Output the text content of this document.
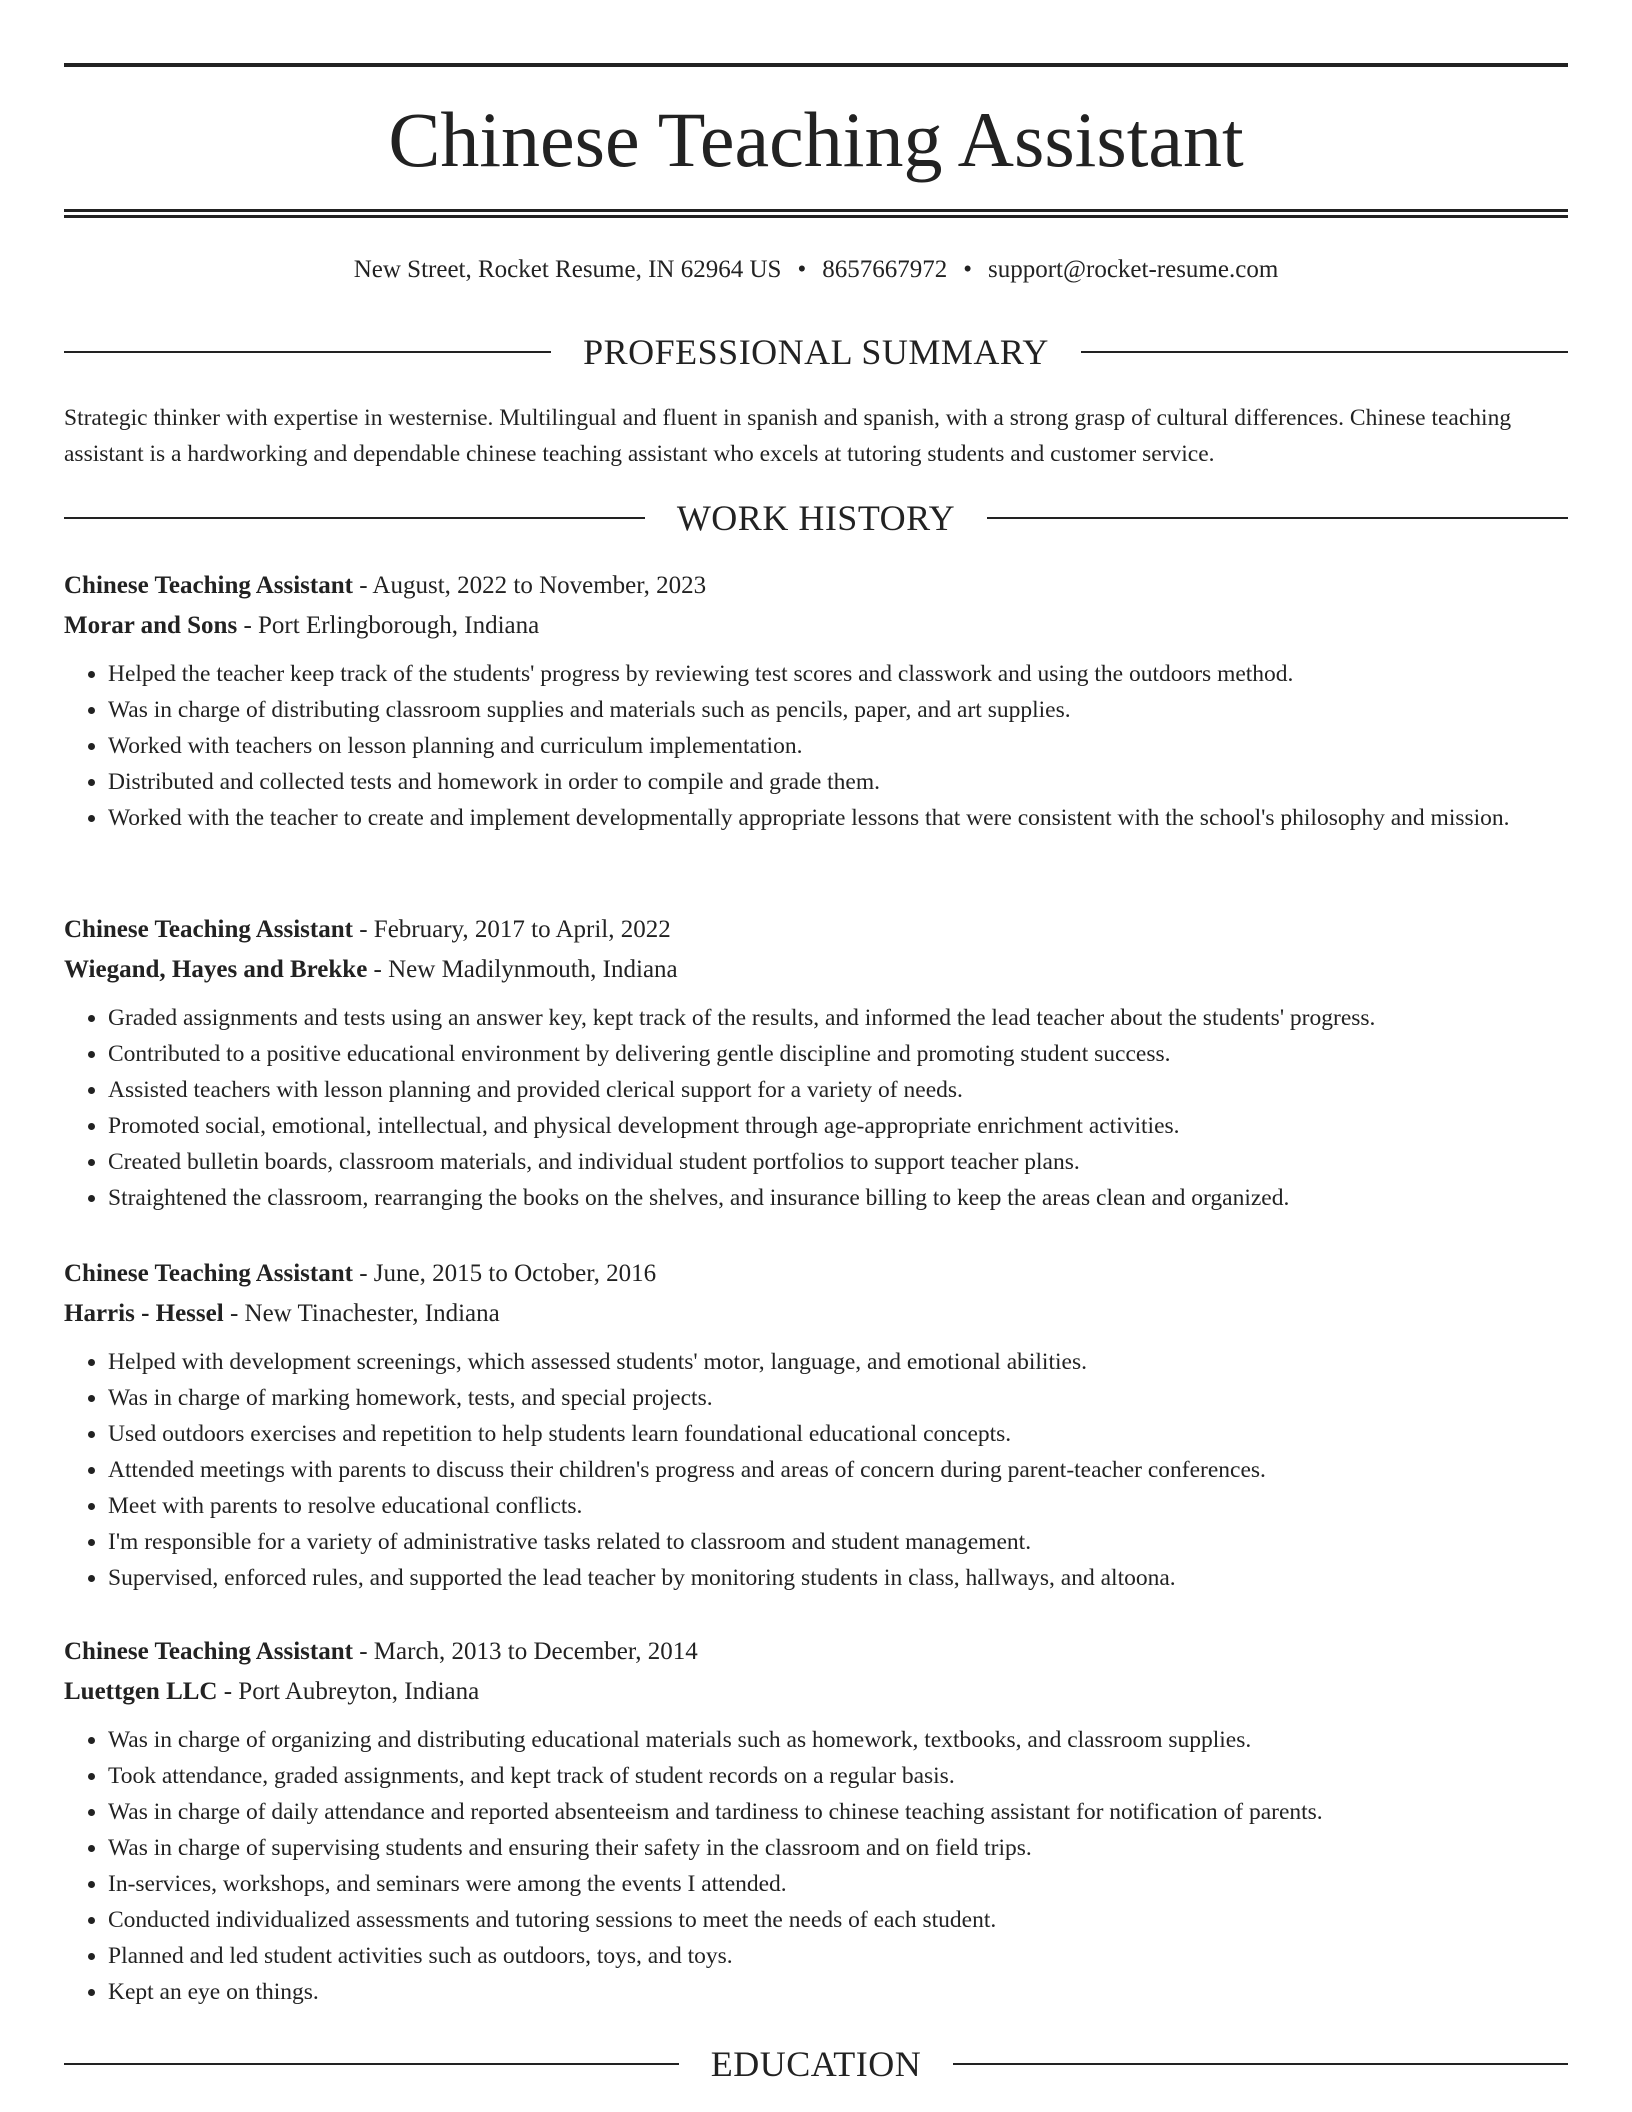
Chinese Teaching Assistant
New Street, Rocket Resume, IN 62964 US • 8657667972 • support@rocket-resume.com
PROFESSIONAL SUMMARY
Strategic thinker with expertise in westernise. Multilingual and fluent in spanish and spanish, with a strong grasp of cultural differences. Chinese teaching assistant is a hardworking and dependable chinese teaching assistant who excels at tutoring students and customer service.
WORK HISTORY
Chinese Teaching Assistant - August, 2022 to November, 2023
Morar and Sons - Port Erlingborough, Indiana
• Helped the teacher keep track of the students' progress by reviewing test scores and classwork and using the outdoors method.
• Was in charge of distributing classroom supplies and materials such as pencils, paper, and art supplies.
• Worked with teachers on lesson planning and curriculum implementation.
• Distributed and collected tests and homework in order to compile and grade them.
• Worked with the teacher to create and implement developmentally appropriate lessons that were consistent with the school's philosophy and mission.
Chinese Teaching Assistant - February, 2017 to April, 2022
Wiegand, Hayes and Brekke - New Madilynmouth, Indiana
• Graded assignments and tests using an answer key, kept track of the results, and informed the lead teacher about the students' progress.
• Contributed to a positive educational environment by delivering gentle discipline and promoting student success.
• Assisted teachers with lesson planning and provided clerical support for a variety of needs.
• Promoted social, emotional, intellectual, and physical development through age-appropriate enrichment activities.
• Created bulletin boards, classroom materials, and individual student portfolios to support teacher plans.
• Straightened the classroom, rearranging the books on the shelves, and insurance billing to keep the areas clean and organized.
Chinese Teaching Assistant - June, 2015 to October, 2016
Harris - Hessel - New Tinachester, Indiana
• Helped with development screenings, which assessed students' motor, language, and emotional abilities.
• Was in charge of marking homework, tests, and special projects.
• Used outdoors exercises and repetition to help students learn foundational educational concepts.
• Attended meetings with parents to discuss their children's progress and areas of concern during parent-teacher conferences.
• Meet with parents to resolve educational conflicts.
• I'm responsible for a variety of administrative tasks related to classroom and student management.
• Supervised, enforced rules, and supported the lead teacher by monitoring students in class, hallways, and altoona.
Chinese Teaching Assistant - March, 2013 to December, 2014
Luettgen LLC - Port Aubreyton, Indiana
• Was in charge of organizing and distributing educational materials such as homework, textbooks, and classroom supplies.
• Took attendance, graded assignments, and kept track of student records on a regular basis.
• Was in charge of daily attendance and reported absenteeism and tardiness to chinese teaching assistant for notification of parents.
• Was in charge of supervising students and ensuring their safety in the classroom and on field trips.
• In-services, workshops, and seminars were among the events I attended.
• Conducted individualized assessments and tutoring sessions to meet the needs of each student.
• Planned and led student activities such as outdoors, toys, and toys.
• Kept an eye on things.
EDUCATION
